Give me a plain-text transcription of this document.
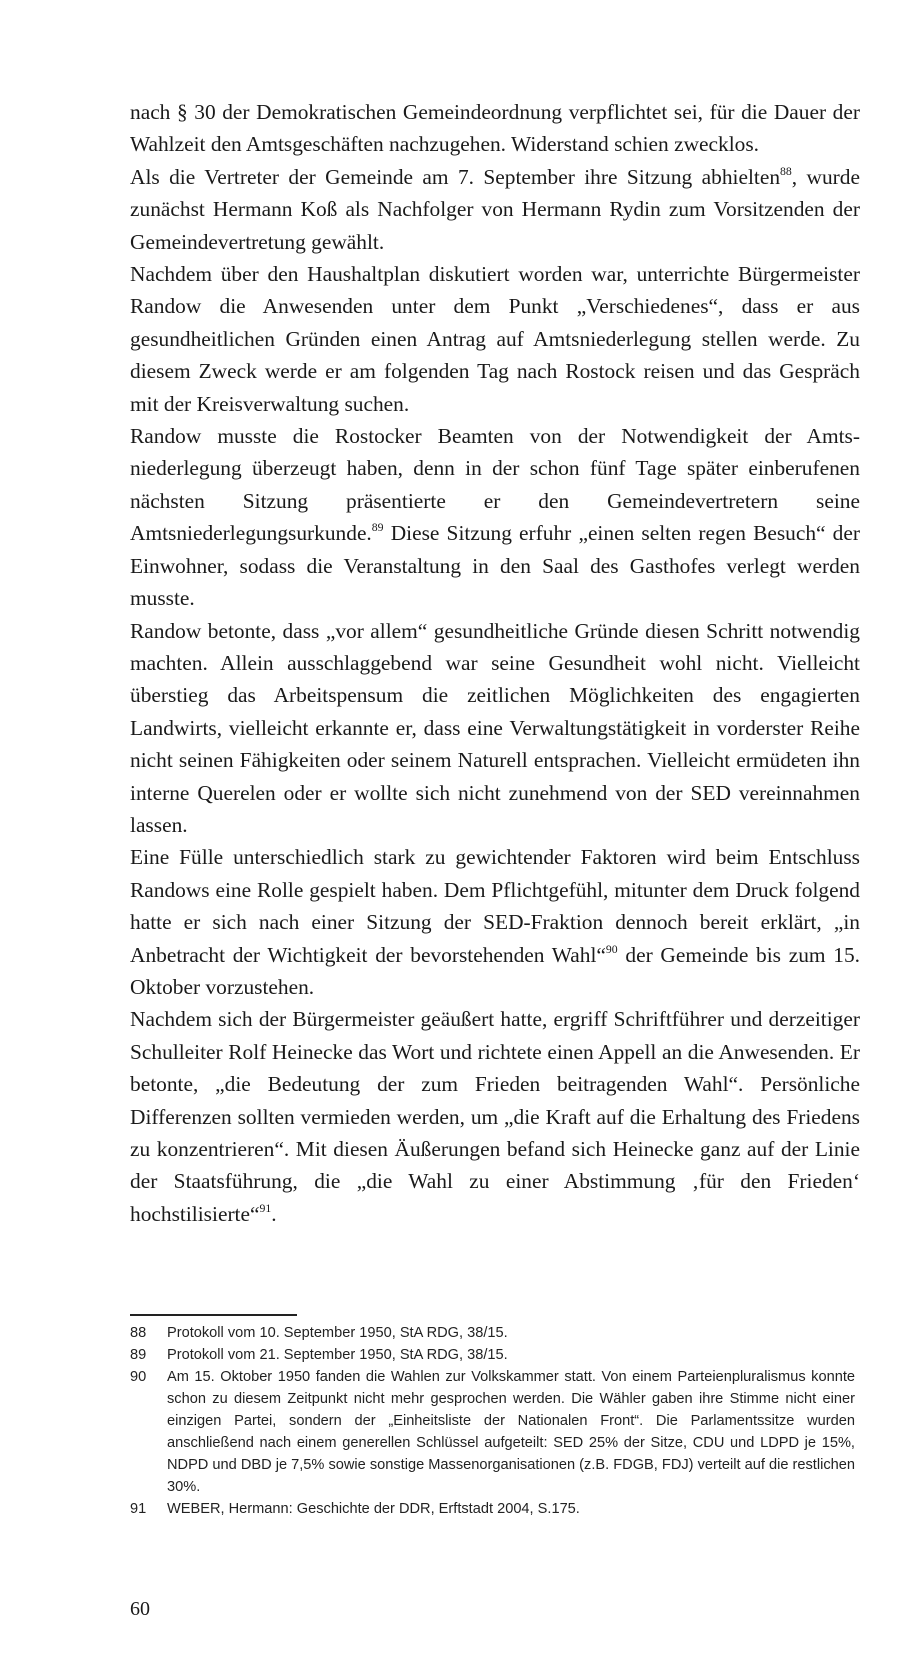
nach § 30 der Demokratischen Gemeindeordnung verpflichtet sei, für die Dauer der Wahlzeit den Amtsgeschäften nachzugehen. Widerstand schien zwecklos.

Als die Vertreter der Gemeinde am 7. September ihre Sitzung abhielten$^{88}$, wurde zunächst Hermann Koß als Nachfolger von Hermann Rydin zum Vorsitzenden der Gemeindevertretung gewählt.

Nachdem über den Haushaltplan diskutiert worden war, unterrichte Bürgermeister Randow die Anwesenden unter dem Punkt „Verschiedenes“, dass er aus gesundheitlichen Gründen einen Antrag auf Amtsniederlegung stellen werde. Zu diesem Zweck werde er am folgenden Tag nach Rostock reisen und das Gespräch mit der Kreisverwaltung suchen.

Randow musste die Rostocker Beamten von der Notwendigkeit der Amtsniederlegung überzeugt haben, denn in der schon fünf Tage später einberufenen nächsten Sitzung präsentierte er den Gemeindevertretern seine Amtsniederlegungsurkunde.$^{89}$ Diese Sitzung erfuhr „einen selten regen Besuch“ der Einwohner, sodass die Veranstaltung in den Saal des Gasthofes verlegt werden musste.

Randow betonte, dass „vor allem“ gesundheitliche Gründe diesen Schritt notwendig machten. Allein ausschlaggebend war seine Gesundheit wohl nicht. Vielleicht überstieg das Arbeitspensum die zeitlichen Möglichkeiten des engagierten Landwirts, vielleicht erkannte er, dass eine Verwaltungstätigkeit in vorderster Reihe nicht seinen Fähigkeiten oder seinem Naturell entsprachen. Vielleicht ermüdeten ihn interne Querelen oder er wollte sich nicht zunehmend von der SED vereinnahmen lassen.

Eine Fülle unterschiedlich stark zu gewichtender Faktoren wird beim Entschluss Randows eine Rolle gespielt haben. Dem Pflichtgefühl, mitunter dem Druck folgend hatte er sich nach einer Sitzung der SED-Fraktion dennoch bereit erklärt, „in Anbetracht der Wichtigkeit der bevorstehenden Wahl“$^{90}$ der Gemeinde bis zum 15. Oktober vorzustehen.

Nachdem sich der Bürgermeister geäußert hatte, ergriff Schriftführer und derzeitiger Schulleiter Rolf Heinecke das Wort und richtete einen Appell an die Anwesenden. Er betonte, „die Bedeutung der zum Frieden beitragenden Wahl“. Persönliche Differenzen sollten vermieden werden, um „die Kraft auf die Erhaltung des Friedens zu konzentrieren“. Mit diesen Äußerungen befand sich Heinecke ganz auf der Linie der Staatsführung, die „die Wahl zu einer Abstimmung ‚für den Frieden‘ hochstilisierte“$^{91}$.

88	Protokoll vom 10. September 1950, StA RDG, 38/15.
89	Protokoll vom 21. September 1950, StA RDG, 38/15.
90	Am 15. Oktober 1950 fanden die Wahlen zur Volkskammer statt. Von einem Parteienpluralismus konnte schon zu diesem Zeitpunkt nicht mehr gesprochen werden. Die Wähler gaben ihre Stimme nicht einer einzigen Partei, sondern der „Einheitsliste der Nationalen Front“. Die Parlamentssitze wurden anschließend nach einem generellen Schlüssel aufgeteilt: SED 25% der Sitze, CDU und LDPD je 15%, NDPD und DBD je 7,5% sowie sonstige Massenorganisationen (z.B. FDGB, FDJ) verteilt auf die restlichen 30%.
91	WEBER, Hermann: Geschichte der DDR, Erftstadt 2004, S.175.
60
